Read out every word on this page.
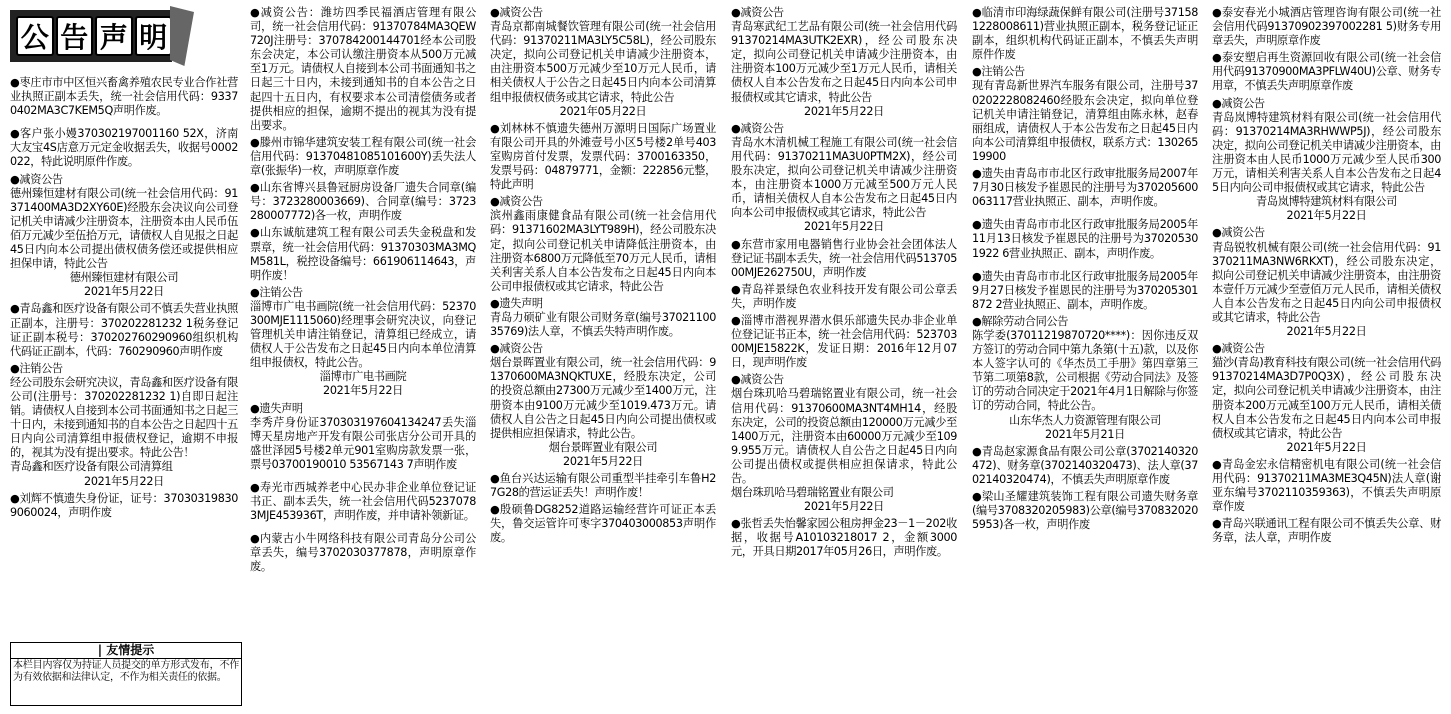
公 告 声 明

●枣庄市市中区恒兴畜禽养殖农民专业合作社营业执照正副本丢失，统一社会信用代码：93370402MA3C7KEM5Q声明作废。

●客户张小嫚370302197001160 52X，济南大友宝4S店意万元定金收据丢失，收据号0002022，特此说明原件作废。

●减资公告

德州臻恒建材有限公司(统一社会信用代码：91371400MA3D2XY60E)经股东会决议向公司登记机关申请减少注册资本，注册资本由人民币伍佰万元减少至伍拾万元，请债权人自见报之日起45日内向本公司提出债权债务偿还或提供相应担保申请，特此公告

德州臻恒建材有限公司

2021年5月22日

●青岛鑫和医疗设备有限公司不慎丢失营业执照正副本，注册号：370202281232 1税务登记证正副本税号：370202760290960组织机构代码证正副本，代码：760290960声明作废

●注销公告

经公司股东会研究决议，青岛鑫和医疗设备有限公司(注册号：370202281232 1)自即日起注销。请债权人自接到本公司书面通知书之日起三十日内，未接到通知书的自本公告之日起四十五日内向公司清算组申报债权登记，逾期不申报的，视其为没有提出要求。特此公告！

青岛鑫和医疗设备有限公司清算组

2021年5月22日

●刘辉不慎遗失身份证，证号：370303198309060024，声明作废

●减资公告：潍坊四季民福酒店管理有限公司，统一社会信用代码：91370784MA3QEW720J注册号：370784200144701经本公司股东会决定，本公司认缴注册资本从500万元减至1万元。请债权人自接到本公司书面通知书之日起三十日内，未接到通知书的自本公告之日起四十五日内，有权要求本公司清偿债务或者提供相应的担保，逾期不提出的视其为没有提出要求。

●滕州市锦华建筑安装工程有限公司(统一社会信用代码：91370481085101600Y)丢失法人章(张振华)一枚，声明原章作废

●山东省博兴县鲁冠厨房设备厂遗失合同章(编号：3723280003669)、合同章(编号：3723280007772)各一枚，声明作废

●山东诚航建筑工程有限公司丢失金税盘和发票章，统一社会信用代码：91370303MA3MQM581L，税控设备编号：661906114643，声明作废！

●注销公告

淄博市广电书画院(统一社会信用代码：52370300MJE1115060)经理事会研究决议，向登记管理机关申请注销登记，清算组已经成立，请债权人于公告发布之日起45日内向本单位清算组申报债权，特此公告。

淄博市广电书画院

2021年5月22日

●遗失声明

李秀芹身份证370303197604134247丢失淄博天星房地产开发有限公司张店分公司开具的盛世泽园5号楼2单元901室购房款发票一张，票号03700190010 53567143 7声明作废

●寿光市西城养老中心民办非企业单位登记证书正、副本丢失，统一社会信用代码52370783MJE453936T，声明作废，并申请补领新证。

●内蒙古小牛网络科技有限公司青岛分公司公章丢失，编号3702030377878，声明原章作废。

●减资公告

青岛京都南城餐饮管理有限公司(统一社会信用代码：91370211MA3LY5C58L)，经公司股东决定，拟向公司登记机关申请减少注册资本，由注册资本500万元减少至10万元人民币，请相关债权人于公告之日起45日内向本公司清算组申报债权债务或其它请求，特此公告

2021年05月22日

●刘林林不慎遗失德州万源明日国际广场置业有限公司开具的外滩壹号小区5号楼2单号403室购房首付发票，发票代码：3700163350，发票号码：04879771，金额：222856元整，特此声明

●减资公告

滨州鑫雨康健食品有限公司(统一社会信用代码：91371602MA3LYT989H)，经公司股东决定，拟向公司登记机关申请降低注册资本，由注册资本6800万元降低至70万元人民币，请相关利害关系人自本公告发布之日起45日内向本公司申报债权或其它请求，特此公告

●遗失声明

青岛力硕矿业有限公司财务章(编号3702110035769)法人章，不慎丢失特声明作废。

●减资公告

烟台景晖置业有限公司，统一社会信用代码：91370600MA3NQKTUXE，经股东决定，公司的投资总额由27300万元减少至1400万元，注册资本由9100万元减少至1019.473万元。请债权人自公告之日起45日内向公司提出债权或提供相应担保请求，特此公告。

烟台景晖置业有限公司

2021年5月22日

●鱼台兴达运输有限公司重型半挂牵引车鲁H27G28的营运证丢失！声明作废！

●殷硕鲁DG8252道路运输经营许可证正本丢失，鲁交运管许可枣字370403000853声明作废。

●减资公告

青岛寒武纪工艺品有限公司(统一社会信用代码91370214MA3UTK2EXR)，经公司股东决定，拟向公司登记机关申请减少注册资本，由注册资本100万元减少至1万元人民币，请相关债权人自本公告发布之日起45日内向本公司申报债权或其它请求，特此公告

2021年5月22日

●减资公告

青岛水木清机械工程施工有限公司(统一社会信用代码：91370211MA3U0PTM2X)，经公司股东决定，拟向公司登记机关申请减少注册资本，由注册资本1000万元减至500万元人民币，请相关债权人自本公告发布之日起45日内向本公司申报债权或其它请求，特此公告

2021年5月22日

●东营市家用电器销售行业协会社会团体法人登记证书副本丢失，统一社会信用代码51370500MJE262750U，声明作废

●青岛祥景绿色农业科技开发有限公司公章丢失，声明作废

●淄博市潜视界潜水俱乐部遗失民办非企业单位登记证书正本，统一社会信用代码：52370300MJE15822K，发证日期：2016年12月07日，现声明作废

●减资公告

烟台珠玑哈马碧瑞铭置业有限公司，统一社会信用代码：91370600MA3NT4MH14，经股东决定，公司的投资总额由120000万元减少至1400万元，注册资本由60000万元减少至1099.955万元。请债权人自公告之日起45日内向公司提出债权或提供相应担保请求，特此公告。

烟台珠玑哈马碧瑞铭置业有限公司

2021年5月22日

●张哲丢失怡馨家园公租房押金23－1－202收据，收据号A10103218017 2，金额3000元，开具日期2017年05月26日，声明作废。

●临清市印海绿蔬保鲜有限公司(注册号371581228008611)营业执照正副本，税务登记证正副本，组织机构代码证正副本，不慎丢失声明原件作废

●注销公告

现有青岛新世界汽车服务有限公司，注册号370202228082460经股东会决定，拟向单位登记机关申请注销登记，清算组由陈永林，赵春丽组成，请债权人于本公告发布之日起45日内向本公司清算组申报债权，联系方式：13026519900

●遗失由青岛市市北区行政审批服务局2007年7月30日核发予崔恩民的注册号为370205600063117营业执照正、副本，声明作废。

●遗失由青岛市市北区行政审批服务局2005年11月13日核发予崔恩民的注册号为370205301922 6营业执照正、副本，声明作废。

●遗失由青岛市市北区行政审批服务局2005年9月27日核发予崔恩民的注册号为370205301872 2营业执照正、副本，声明作废。

●解除劳动合同公告

陈学委(37011219870720****)：因你违反双方签订的劳动合同中第九条第(十五)款，以及你本人签字认可的《华杰员工手册》第四章第三节第二项第8款，公司根据《劳动合同法》及签订的劳动合同决定于2021年4月1日解除与你签订的劳动合同，特此公告。

山东华杰人力资源管理有限公司

2021年5月21日

●青岛赵家源食品有限公司公章(3702140320472)、财务章(3702140320473)、法人章(3702140320474)，不慎丢失声明原章作废

●梁山圣耀建筑装饰工程有限公司遗失财务章(编号3708320205983)公章(编号3708320205953)各一枚，声明作废

●泰安春光小城酒店管理咨询有限公司(统一社会信用代码91370902397002281 5)财务专用章丢失，声明原章作废

●泰安塑启再生资源回收有限公司(统一社会信用代码91370900MA3PFLW40U)公章、财务专用章，不慎丢失声明原章作废

●减资公告

青岛岚博特建筑材料有限公司(统一社会信用代码：91370214MA3RHWWP5J)，经公司股东决定，拟向公司登记机关申请减少注册资本，由注册资本由人民币1000万元减少至人民币300万元，请相关利害关系人自本公告发布之日起45日内向公司申报债权或其它请求，特此公告

青岛岚博特建筑材料有限公司

2021年5月22日

●减资公告

青岛锐牧机械有限公司(统一社会信用代码：91370211MA3NW6RKXT)，经公司股东决定，拟向公司登记机关申请减少注册资本，由注册资本壹仟万元减少至壹佰万元人民币，请相关债权人自本公告发布之日起45日内向公司申报债权或其它请求，特此公告

2021年5月22日

●减资公告

猫沙(青岛)教育科技有限公司(统一社会信用代码91370214MA3D7P0Q3X)，经公司股东决定，拟向公司登记机关申请减少注册资本，由注册资本200万元减至100万元人民币，请相关债权人自本公告发布之日起45日内向本公司申报债权或其它请求，特此公告

2021年5月22日

●青岛金宏永信精密机电有限公司(统一社会信用代码：91370211MA3ME3Q45N)法人章(谢亚东编号3702110359363)，不慎丢失声明原章作废

●青岛兴联通讯工程有限公司不慎丢失公章、财务章，法人章，声明作废

| 友情提示
本栏目内容仅为持证人员提交的单方形式发布，不作为有效依据和法律认定，不作为相关责任的依据。
